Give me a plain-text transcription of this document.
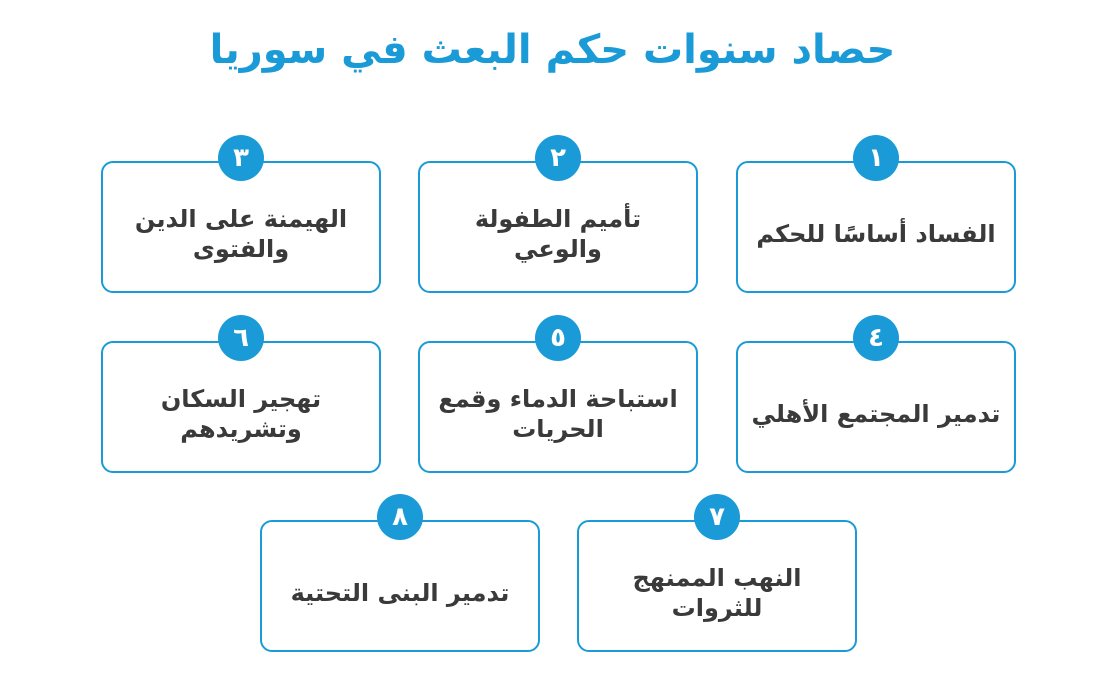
حصاد سنوات حكم البعث في سوريا
١
الفساد أساسًا للحكم
٢
تأميم الطفولة والوعي
٣
الهيمنة على الدين والفتوى
٤
تدمير المجتمع الأهلي
٥
استباحة الدماء وقمع الحريات
٦
تهجير السكان وتشريدهم
٧
النهب الممنهج للثروات
٨
تدمير البنى التحتية
